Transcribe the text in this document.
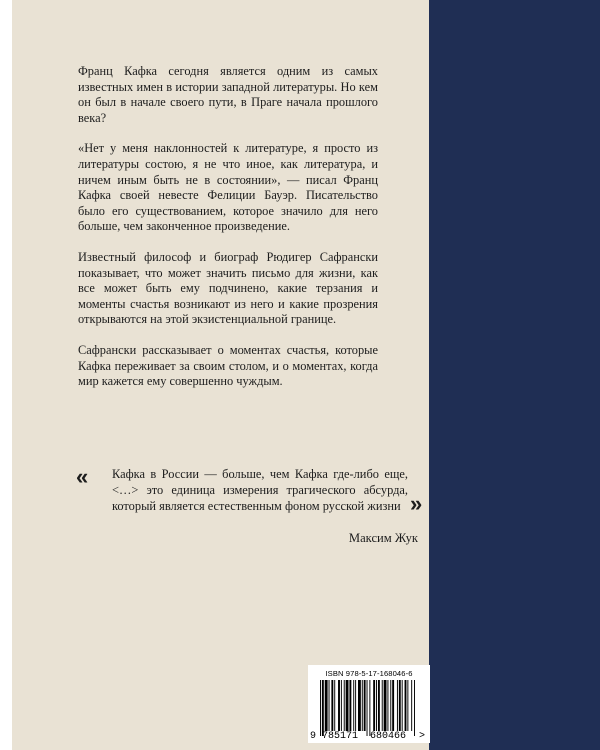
Франц Кафка сегодня является одним из самых известных имен в истории западной литературы. Но кем он был в начале своего пути, в Праге начала прошлого века?

«Нет у меня наклонностей к литературе, я просто из литературы состою, я не что иное, как литература, и ничем иным быть не в состоянии», — писал Франц Кафка своей невесте Фелиции Бауэр. Писательство было его существованием, которое значило для него больше, чем законченное произведение.

Известный философ и биограф Рюдигер Сафрански показывает, что может значить письмо для жизни, как все может быть ему подчинено, какие терзания и моменты счастья возникают из него и какие прозрения открываются на этой экзистенциальной границе.

Сафрански рассказывает о моментах счастья, которые Кафка переживает за своим столом, и о моментах, когда мир кажется ему совершенно чуждым.

« Кафка в России — больше, чем Кафка где-либо еще, <…> это единица измерения трагического абсурда, который является естественным фоном русской жизни »
Максим Жук
ISBN 978-5-17-168046-6
9 785171 680466 >
